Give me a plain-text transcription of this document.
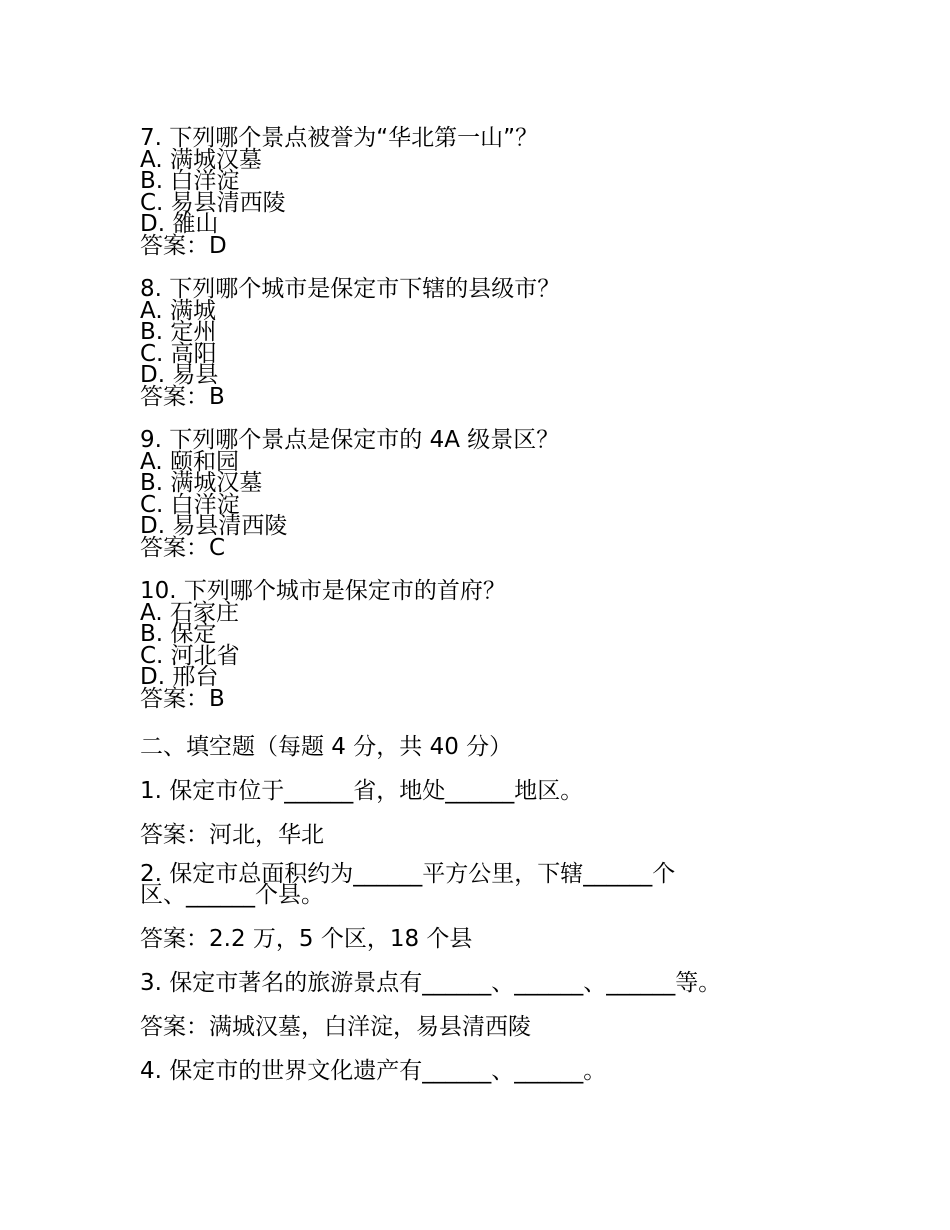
7. 下列哪个景点被誉为“华北第一山”？
A. 满城汉墓
B. 白洋淀
C. 易县清西陵
D. 雒山
答案：D
8. 下列哪个城市是保定市下辖的县级市？
A. 满城
B. 定州
C. 高阳
D. 易县
答案：B
9. 下列哪个景点是保定市的 4A 级景区？
A. 颐和园
B. 满城汉墓
C. 白洋淀
D. 易县清西陵
答案：C
10. 下列哪个城市是保定市的首府？
A. 石家庄
B. 保定
C. 河北省
D. 邢台
答案：B
二、填空题（每题 4 分，共 40 分）
1. 保定市位于______省，地处______地区。
答案：河北，华北
2. 保定市总面积约为______平方公里，下辖______个
区、______个县。
答案：2.2 万，5 个区，18 个县
3. 保定市著名的旅游景点有______、______、______等。
答案：满城汉墓，白洋淀，易县清西陵
4. 保定市的世界文化遗产有______、______。
